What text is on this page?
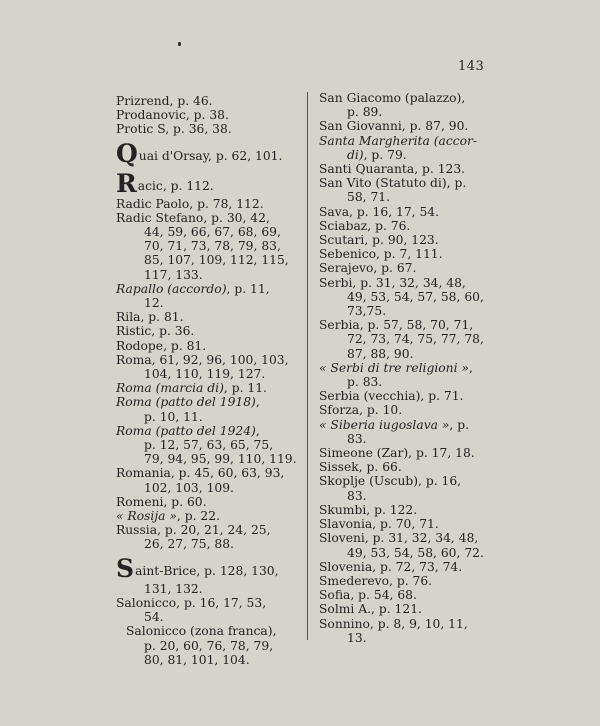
143
Prizrend, p. 46.
Prodanovic, p. 38.
Protic S, p. 36, 38.
Quai d'Orsay, p. 62, 101.
Racic, p. 112.
Radic Paolo, p. 78, 112.
Radic Stefano, p. 30, 42,
44, 59, 66, 67, 68, 69,
70, 71, 73, 78, 79, 83,
85, 107, 109, 112, 115,
117, 133.
Rapallo (accordo), p. 11,
12.
Rila, p. 81.
Ristic, p. 36.
Rodope, p. 81.
Roma, 61, 92, 96, 100, 103,
104, 110, 119, 127.
Roma (marcia di), p. 11.
Roma (patto del 1918),
p. 10, 11.
Roma (patto del 1924),
p. 12, 57, 63, 65, 75,
79, 94, 95, 99, 110, 119.
Romania, p. 45, 60, 63, 93,
102, 103, 109.
Romeni, p. 60.
« Rosija », p. 22.
Russia, p. 20, 21, 24, 25,
26, 27, 75, 88.
Saint-Brice, p. 128, 130,
131, 132.
Salonicco, p. 16, 17, 53,
54.
Salonicco (zona franca),
p. 20, 60, 76, 78, 79,
80, 81, 101, 104.
San Giacomo (palazzo),
p. 89.
San Giovanni, p. 87, 90.
Santa Margherita (accor-
di), p. 79.
Santi Quaranta, p. 123.
San Vito (Statuto di), p.
58, 71.
Sava, p. 16, 17, 54.
Sciabaz, p. 76.
Scutari, p. 90, 123.
Sebenico, p. 7, 111.
Serajevo, p. 67.
Serbi, p. 31, 32, 34, 48,
49, 53, 54, 57, 58, 60,
73,75.
Serbia, p. 57, 58, 70, 71,
72, 73, 74, 75, 77, 78,
87, 88, 90.
« Serbi di tre religioni »,
p. 83.
Serbia (vecchia), p. 71.
Sforza, p. 10.
« Siberia iugoslava », p.
83.
Simeone (Zar), p. 17, 18.
Sissek, p. 66.
Skoplje (Uscub), p. 16,
83.
Skumbi, p. 122.
Slavonia, p. 70, 71.
Sloveni, p. 31, 32, 34, 48,
49, 53, 54, 58, 60, 72.
Slovenia, p. 72, 73, 74.
Smederevo, p. 76.
Sofia, p. 54, 68.
Solmi A., p. 121.
Sonnino, p. 8, 9, 10, 11,
13.
